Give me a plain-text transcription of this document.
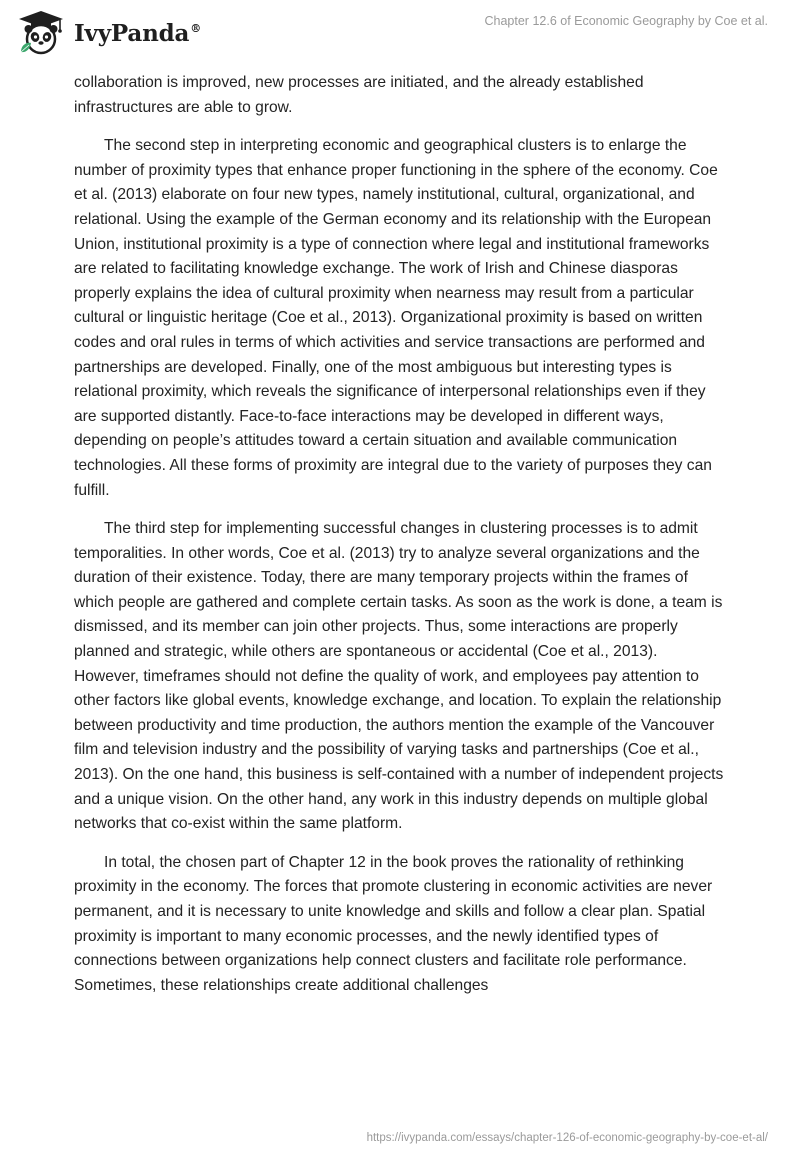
IvyPanda®
Chapter 12.6 of Economic Geography by Coe et al.

collaboration is improved, new processes are initiated, and the already established infrastructures are able to grow.

The second step in interpreting economic and geographical clusters is to enlarge the number of proximity types that enhance proper functioning in the sphere of the economy. Coe et al. (2013) elaborate on four new types, namely institutional, cultural, organizational, and relational. Using the example of the German economy and its relationship with the European Union, institutional proximity is a type of connection where legal and institutional frameworks are related to facilitating knowledge exchange. The work of Irish and Chinese diasporas properly explains the idea of cultural proximity when nearness may result from a particular cultural or linguistic heritage (Coe et al., 2013). Organizational proximity is based on written codes and oral rules in terms of which activities and service transactions are performed and partnerships are developed. Finally, one of the most ambiguous but interesting types is relational proximity, which reveals the significance of interpersonal relationships even if they are supported distantly. Face-to-face interactions may be developed in different ways, depending on people’s attitudes toward a certain situation and available communication technologies. All these forms of proximity are integral due to the variety of purposes they can fulfill.

The third step for implementing successful changes in clustering processes is to admit temporalities. In other words, Coe et al. (2013) try to analyze several organizations and the duration of their existence. Today, there are many temporary projects within the frames of which people are gathered and complete certain tasks. As soon as the work is done, a team is dismissed, and its member can join other projects. Thus, some interactions are properly planned and strategic, while others are spontaneous or accidental (Coe et al., 2013). However, timeframes should not define the quality of work, and employees pay attention to other factors like global events, knowledge exchange, and location. To explain the relationship between productivity and time production, the authors mention the example of the Vancouver film and television industry and the possibility of varying tasks and partnerships (Coe et al., 2013). On the one hand, this business is self-contained with a number of independent projects and a unique vision. On the other hand, any work in this industry depends on multiple global networks that co-exist within the same platform.

In total, the chosen part of Chapter 12 in the book proves the rationality of rethinking proximity in the economy. The forces that promote clustering in economic activities are never permanent, and it is necessary to unite knowledge and skills and follow a clear plan. Spatial proximity is important to many economic processes, and the newly identified types of connections between organizations help connect clusters and facilitate role performance. Sometimes, these relationships create additional challenges

https://ivypanda.com/essays/chapter-126-of-economic-geography-by-coe-et-al/
